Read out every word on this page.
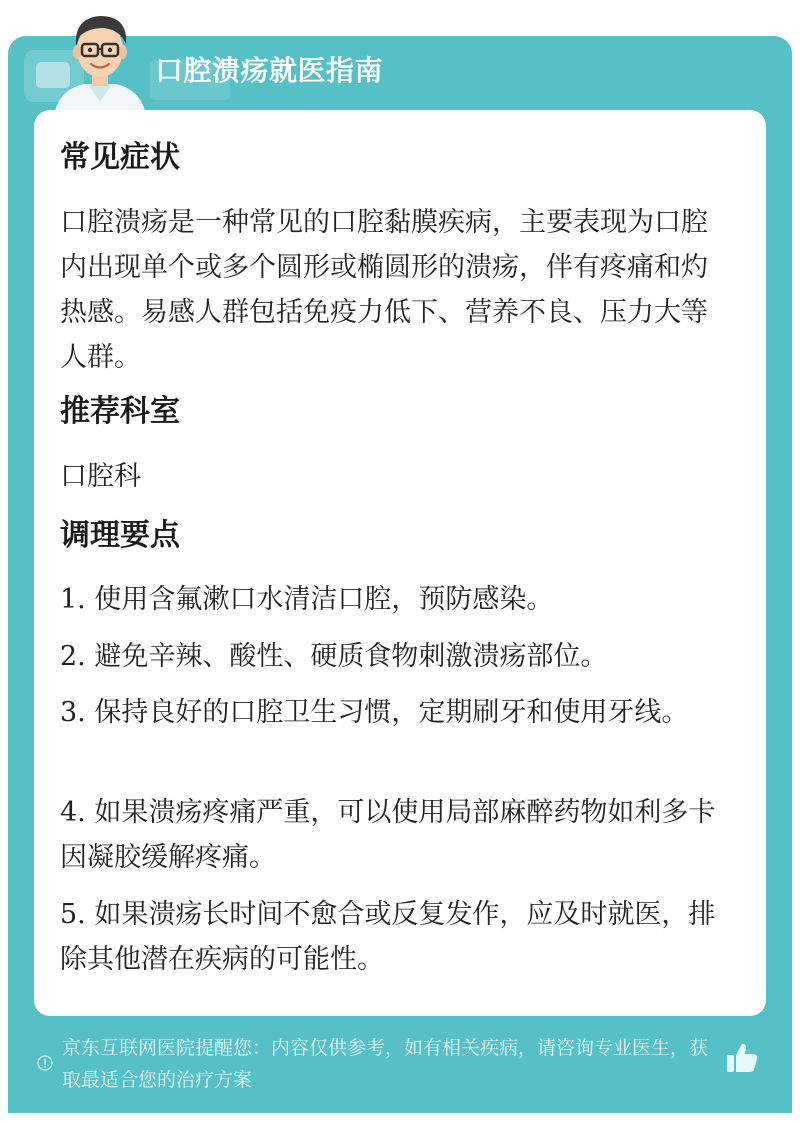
口腔溃疡就医指南
常见症状

口腔溃疡是一种常见的口腔黏膜疾病，主要表现为口腔内出现单个或多个圆形或椭圆形的溃疡，伴有疼痛和灼热感。易感人群包括免疫力低下、营养不良、压力大等人群。

推荐科室

口腔科

调理要点

1. 使用含氟漱口水清洁口腔，预防感染。

2. 避免辛辣、酸性、硬质食物刺激溃疡部位。

3. 保持良好的口腔卫生习惯，定期刷牙和使用牙线。

4. 如果溃疡疼痛严重，可以使用局部麻醉药物如利多卡因凝胶缓解疼痛。

5. 如果溃疡长时间不愈合或反复发作，应及时就医，排除其他潜在疾病的可能性。

京东互联网医院提醒您：内容仅供参考，如有相关疾病，请咨询专业医生，获取最适合您的治疗方案
